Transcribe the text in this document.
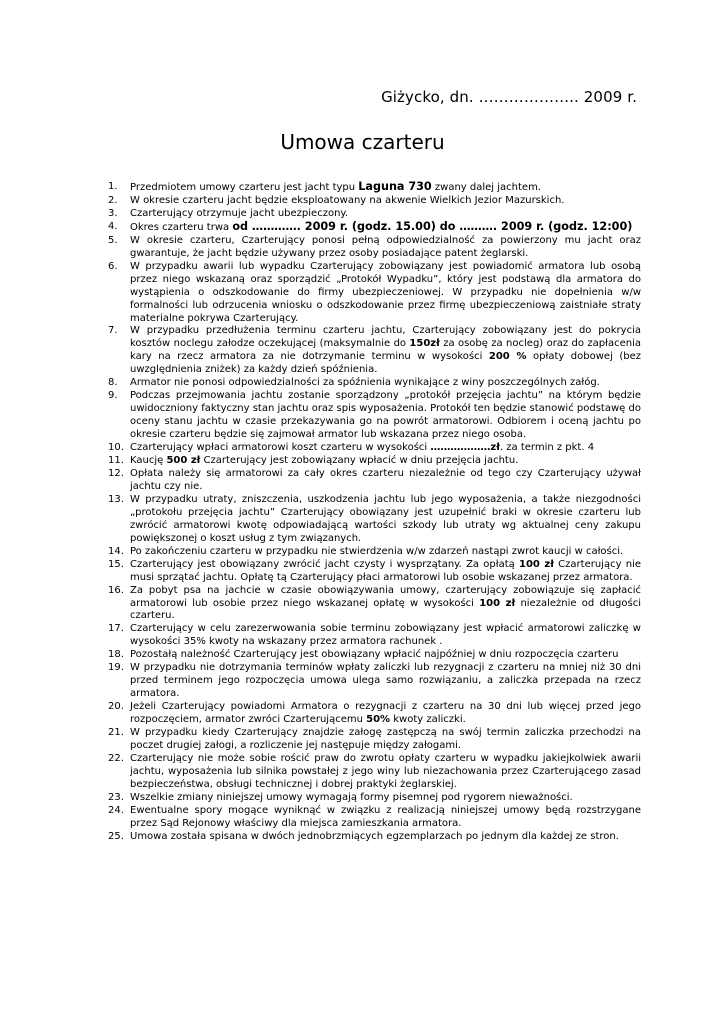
Giżycko, dn. ……………….. 2009 r.
Umowa czarteru
1. Przedmiotem umowy czarteru jest jacht typu Laguna 730 zwany dalej jachtem.
2. W okresie czarteru jacht będzie eksploatowany na akwenie Wielkich Jezior Mazurskich.
3. Czarterujący otrzymuje jacht ubezpieczony.
4. Okres czarteru trwa od …………. 2009 r. (godz. 15.00) do ………. 2009 r. (godz. 12:00)
5. W okresie czarteru, Czarterujący ponosi pełną odpowiedzialność za powierzony mu jacht oraz gwarantuje, że jacht będzie używany przez osoby posiadające patent żeglarski.
6. W przypadku awarii lub wypadku Czarterujący zobowiązany jest powiadomić armatora lub osobą przez niego wskazaną oraz sporządzić „Protokół Wypadku”, który jest podstawą dla armatora do wystąpienia o odszkodowanie do firmy ubezpieczeniowej. W przypadku nie dopełnienia w/w formalności lub odrzucenia wniosku o odszkodowanie przez firmę ubezpieczeniową zaistniałe straty materialne pokrywa Czarterujący.
7. W przypadku przedłużenia terminu czarteru jachtu, Czarterujący zobowiązany jest do pokrycia kosztów noclegu załodze oczekującej (maksymalnie do 150zł za osobę za nocleg) oraz do zapłacenia kary na rzecz armatora za nie dotrzymanie terminu w wysokości 200 % opłaty dobowej (bez uwzględnienia zniżek) za każdy dzień spóźnienia.
8. Armator nie ponosi odpowiedzialności za spóźnienia wynikające z winy poszczególnych załóg.
9. Podczas przejmowania jachtu zostanie sporządzony „protokół przejęcia jachtu” na którym będzie uwidoczniony faktyczny stan jachtu oraz spis wyposażenia. Protokół ten będzie stanowić podstawę do oceny stanu jachtu w czasie przekazywania go na powrót armatorowi. Odbiorem i oceną jachtu po okresie czarteru będzie się zajmował armator lub wskazana przez niego osoba.
10. Czarterujący wpłaci armatorowi koszt czarteru w wysokości ………………zł. za termin z pkt. 4
11. Kaucję 500 zł Czarterujący jest zobowiązany wpłacić w dniu przejęcia jachtu.
12. Opłata należy się armatorowi za cały okres czarteru niezależnie od tego czy Czarterujący używał jachtu czy nie.
13. W przypadku utraty, zniszczenia, uszkodzenia jachtu lub jego wyposażenia, a także niezgodności „protokołu przejęcia jachtu” Czarterujący obowiązany jest uzupełnić braki w okresie czarteru lub zwrócić armatorowi kwotę odpowiadającą wartości szkody lub utraty wg aktualnej ceny zakupu powiększonej o koszt usług z tym związanych.
14. Po zakończeniu czarteru w przypadku nie stwierdzenia w/w zdarzeń nastąpi zwrot kaucji w całości.
15. Czarterujący jest obowiązany zwrócić jacht czysty i wysprzątany. Za opłatą 100 zł Czarterujący nie musi sprzątać jachtu. Opłatę tą Czarterujący płaci armatorowi lub osobie wskazanej przez armatora.
16. Za pobyt psa na jachcie w czasie obowiązywania umowy, czarterujący zobowiązuje się zapłacić armatorowi lub osobie przez niego wskazanej opłatę w wysokości 100 zł niezależnie od długości czarteru.
17. Czarterujący w celu zarezerwowania sobie terminu zobowiązany jest wpłacić armatorowi zaliczkę w wysokości 35% kwoty na wskazany przez armatora rachunek .
18. Pozostałą należność Czarterujący jest obowiązany wpłacić najpóźniej w dniu rozpoczęcia czarteru
19. W przypadku nie dotrzymania terminów wpłaty zaliczki lub rezygnacji z czarteru na mniej niż 30 dni przed terminem jego rozpoczęcia umowa ulega samo rozwiązaniu, a zaliczka przepada na rzecz armatora.
20. Jeżeli Czarterujący powiadomi Armatora o rezygnacji z czarteru na 30 dni lub więcej przed jego rozpoczęciem, armator zwróci Czarterującemu 50% kwoty zaliczki.
21. W przypadku kiedy Czarterujący znajdzie załogę zastępczą na swój termin zaliczka przechodzi na poczet drugiej załogi, a rozliczenie jej następuje między załogami.
22. Czarterujący nie może sobie rościć praw do zwrotu opłaty czarteru w wypadku jakiejkolwiek awarii jachtu, wyposażenia lub silnika powstałej z jego winy lub niezachowania przez Czarterującego zasad bezpieczeństwa, obsługi technicznej i dobrej praktyki żeglarskiej.
23. Wszelkie zmiany niniejszej umowy wymagają formy pisemnej pod rygorem nieważności.
24. Ewentualne spory mogące wyniknąć w związku z realizacją niniejszej umowy będą rozstrzygane przez Sąd Rejonowy właściwy dla miejsca zamieszkania armatora.
25. Umowa została spisana w dwóch jednobrzmiących egzemplarzach po jednym dla każdej ze stron.
